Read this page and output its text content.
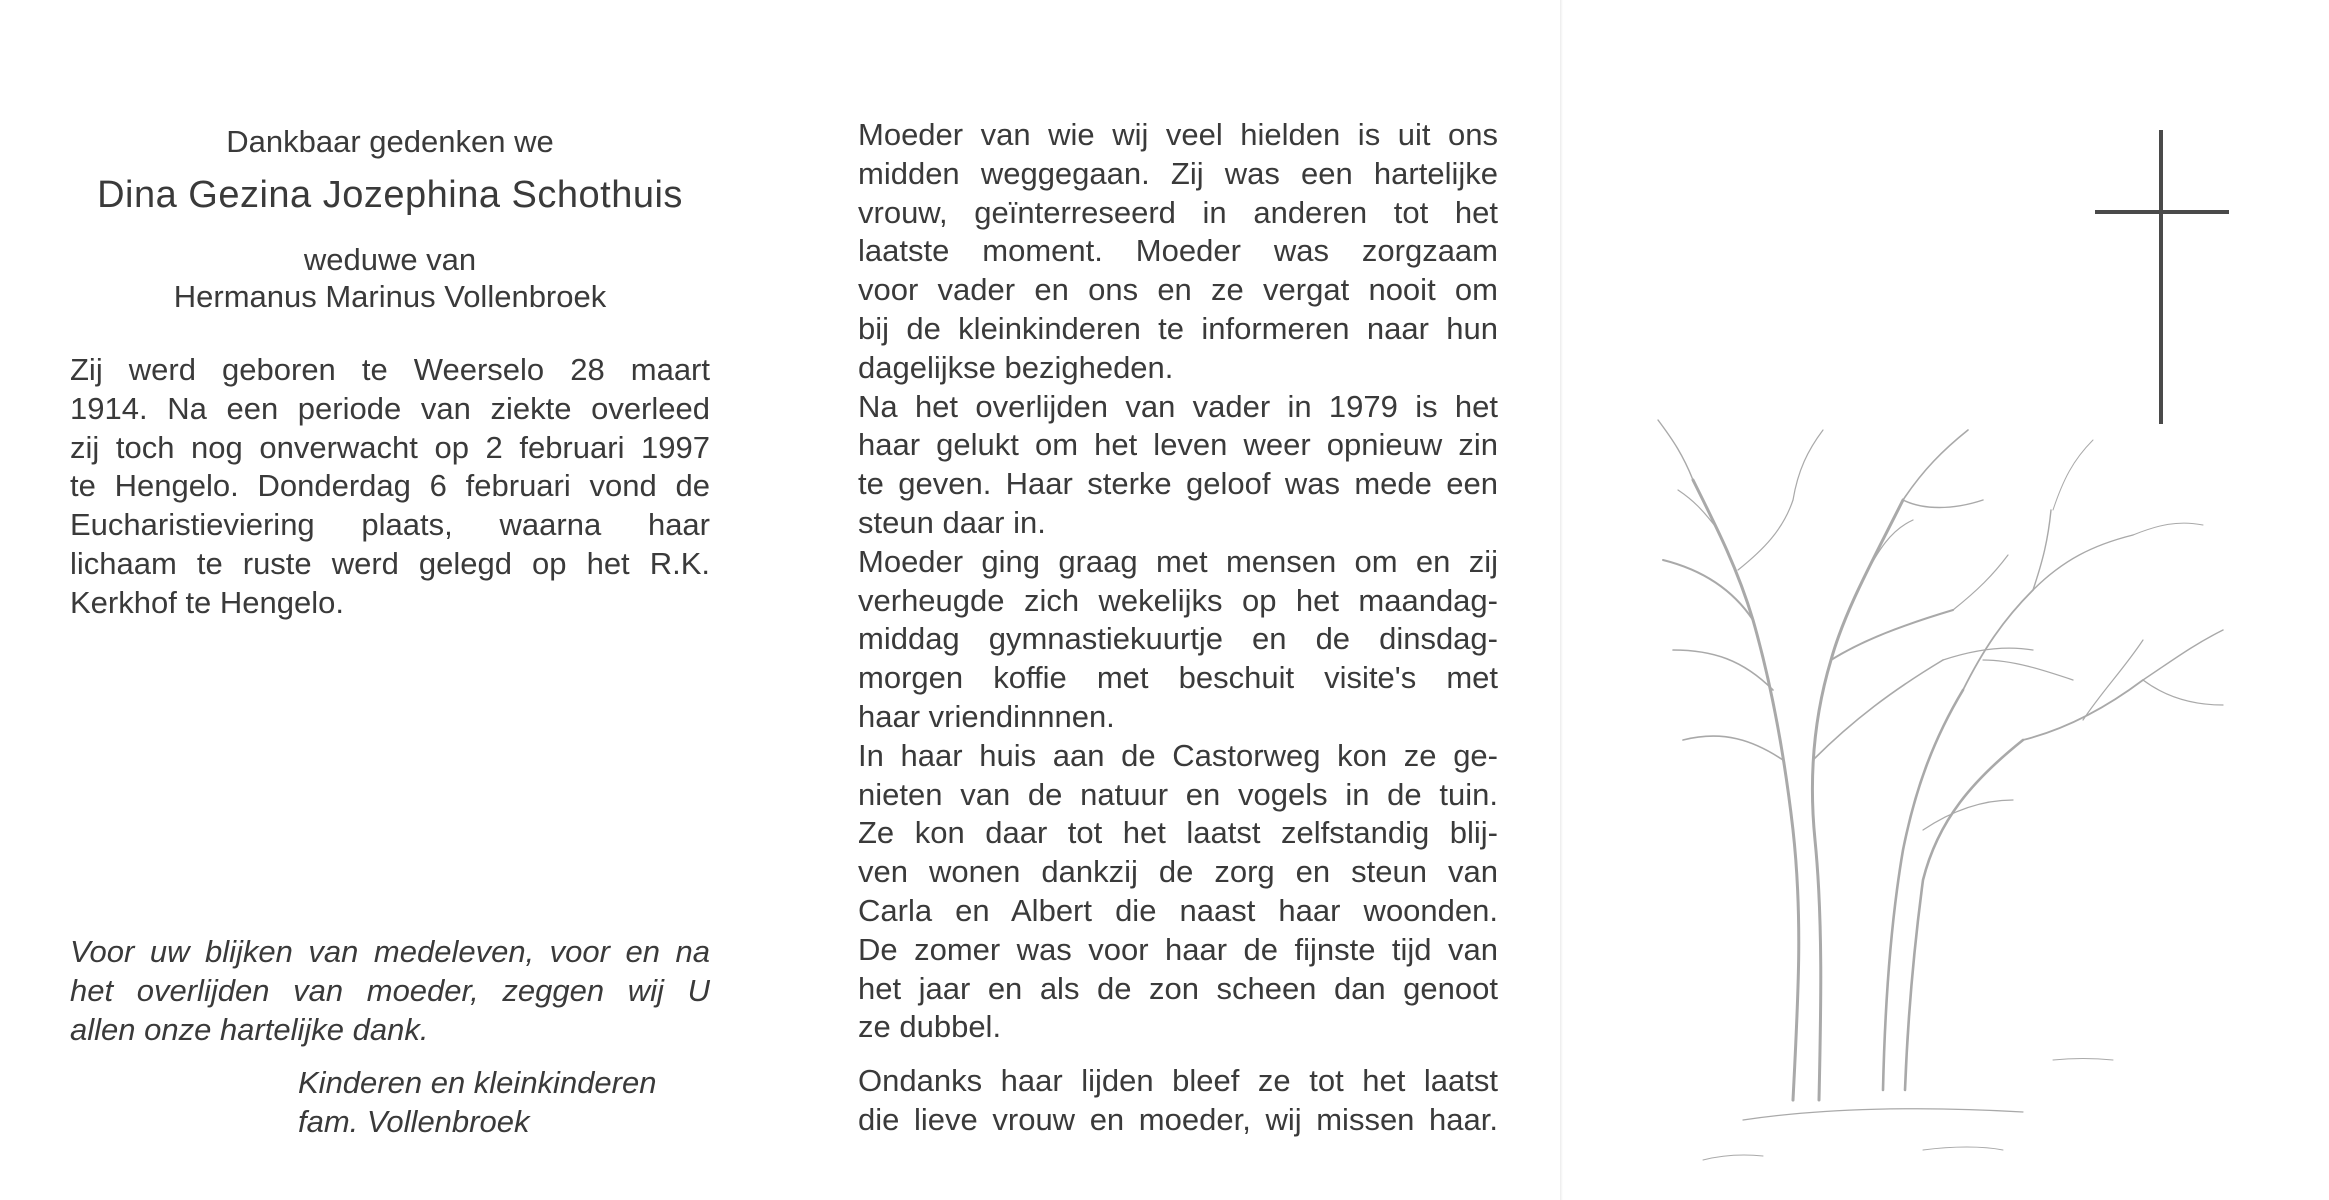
Dankbaar gedenken we

Dina Gezina Jozephina Schothuis

weduwe van

Hermanus Marinus Vollenbroek

Zij werd geboren te Weerselo 28 maart
1914. Na een periode van ziekte overleed
zij toch nog onverwacht op 2 februari 1997
te Hengelo. Donderdag 6 februari vond de
Eucharistieviering plaats, waarna haar
lichaam te ruste werd gelegd op het R.K.
Kerkhof te Hengelo.
Voor uw blijken van medeleven, voor en na
het overlijden van moeder, zeggen wij U
allen onze hartelijke dank.
Kinderen en kleinkinderen
fam. Vollenbroek
Moeder van wie wij veel hielden is uit ons
midden weggegaan. Zij was een hartelijke
vrouw, geïnterreseerd in anderen tot het
laatste moment. Moeder was zorgzaam
voor vader en ons en ze vergat nooit om
bij de kleinkinderen te informeren naar hun
dagelijkse bezigheden.
Na het overlijden van vader in 1979 is het
haar gelukt om het leven weer opnieuw zin
te geven. Haar sterke geloof was mede een
steun daar in.
Moeder ging graag met mensen om en zij
verheugde zich wekelijks op het maandag-
middag gymnastiekuurtje en de dinsdag-
morgen koffie met beschuit visite's met
haar vriendinnnen.
In haar huis aan de Castorweg kon ze ge-
nieten van de natuur en vogels in de tuin.
Ze kon daar tot het laatst zelfstandig blij-
ven wonen dankzij de zorg en steun van
Carla en Albert die naast haar woonden.
De zomer was voor haar de fijnste tijd van
het jaar en als de zon scheen dan genoot
ze dubbel.
Ondanks haar lijden bleef ze tot het laatst
die lieve vrouw en moeder, wij missen haar.
